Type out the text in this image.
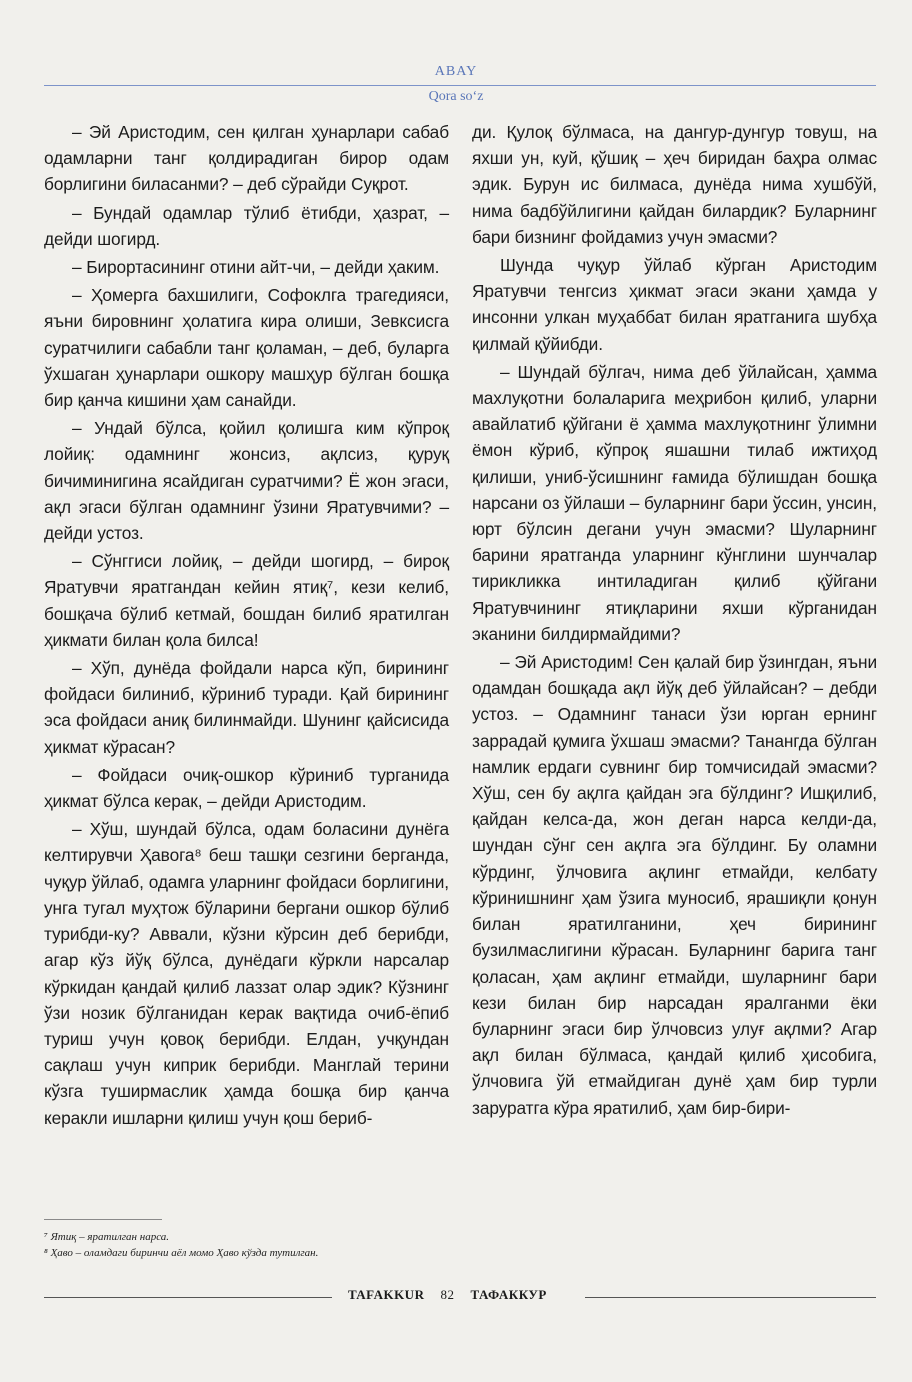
ABAY
Qora so‘z

– Эй Аристодим, сен қилган ҳунарлари сабаб одамларни танг қолдирадиган бирор одам борлигини биласанми? – деб сўрайди Суқрот.

– Бундай одамлар тўлиб ётибди, ҳазрат, – дейди шогирд.

– Бирортасининг отини айт-чи, – дейди ҳаким.

– Ҳомерга бахшилиги, Софоклга трагедияси, яъни бировнинг ҳолатига кира олиши, Зевксисга суратчилиги сабабли танг қоламан, – деб, буларга ўхшаган ҳунарлари ошкору машҳур бўлган бошқа бир қанча кишини ҳам санайди.

– Ундай бўлса, қойил қолишга ким кўпроқ лойиқ: одамнинг жонсиз, ақлсиз, қуруқ бичиминигина ясайдиган суратчими? Ё жон эгаси, ақл эгаси бўлган одамнинг ўзини Яратувчими? – дейди устоз.

– Сўнггиси лойиқ, – дейди шогирд, – бироқ Яратувчи яратгандан кейин ятиқ⁷, кези келиб, бошқача бўлиб кетмай, бошдан билиб яратилган ҳикмати билан қола билса!

– Хўп, дунёда фойдали нарса кўп, бирининг фойдаси билиниб, кўриниб туради. Қай бирининг эса фойдаси аниқ билинмайди. Шунинг қайсисида ҳикмат кўрасан?

– Фойдаси очиқ-ошкор кўриниб турганида ҳикмат бўлса керак, – дейди Аристодим.

– Хўш, шундай бўлса, одам боласини дунёга келтирувчи Ҳавога⁸ беш ташқи сезгини берганда, чуқур ўйлаб, одамга уларнинг фойдаси борлигини, унга тугал муҳтож бўларини бергани ошкор бўлиб турибди-ку? Аввали, кўзни кўрсин деб берибди, агар кўз йўқ бўлса, дунёдаги кўркли нарсалар кўркидан қандай қилиб лаззат олар эдик? Кўзнинг ўзи нозик бўлганидан керак вақтида очиб-ёпиб туриш учун қовоқ берибди. Елдан, учқундан сақлаш учун киприк берибди. Манглай терини кўзга туширмаслик ҳамда бошқа бир қанча керакли ишларни қилиш учун қош бериб-

ди. Қулоқ бўлмаса, на дангур-дунгур товуш, на яхши ун, куй, қўшиқ – ҳеч биридан баҳра олмас эдик. Бурун ис билмаса, дунёда нима хушбўй, нима бадбўйлигини қайдан билардик? Буларнинг бари бизнинг фойдамиз учун эмасми?

Шунда чуқур ўйлаб кўрган Аристодим Яратувчи тенгсиз ҳикмат эгаси экани ҳамда у инсонни улкан муҳаббат билан яратганига шубҳа қилмай қўйибди.

– Шундай бўлгач, нима деб ўйлайсан, ҳамма махлуқотни болаларига меҳрибон қилиб, уларни авайлатиб қўйгани ё ҳамма махлуқотнинг ўлимни ёмон кўриб, кўпроқ яшашни тилаб ижтиҳод қилиши, униб-ўсишнинг ғамида бўлишдан бошқа нарсани оз ўйлаши – буларнинг бари ўссин, унсин, юрт бўлсин дегани учун эмасми? Шуларнинг барини яратганда уларнинг кўнглини шунчалар тирикликка интиладиган қилиб қўйгани Яратувчининг ятиқларини яхши кўрганидан эканини билдирмайдими?

– Эй Аристодим! Сен қалай бир ўзингдан, яъни одамдан бошқада ақл йўқ деб ўйлайсан? – дебди устоз. – Одамнинг танаси ўзи юрган ернинг заррадай қумига ўхшаш эмасми? Танангда бўлган намлик ердаги сувнинг бир томчисидай эмасми? Хўш, сен бу ақлга қайдан эга бўлдинг? Ишқилиб, қайдан келса-да, жон деган нарса келди-да, шундан сўнг сен ақлга эга бўлдинг. Бу оламни кўрдинг, ўлчовига ақлинг етмайди, келбату кўринишнинг ҳам ўзига муносиб, ярашиқли қонун билан яратилганини, ҳеч бирининг бузилмаслигини кўрасан. Буларнинг барига танг қоласан, ҳам ақлинг етмайди, шуларнинг бари кези билан бир нарсадан яралганми ёки буларнинг эгаси бир ўлчовсиз улуғ ақлми? Агар ақл билан бўлмаса, қандай қилиб ҳисобига, ўлчовига ўй етмайдиган дунё ҳам бир турли заруратга кўра яратилиб, ҳам бир-бири-

⁷ Ятиқ – яратилган нарса.
⁸ Ҳаво – оламдаги биринчи аёл момо Ҳаво кўзда тутилган.
TAFAKKUR 82 ТАФАККУР
